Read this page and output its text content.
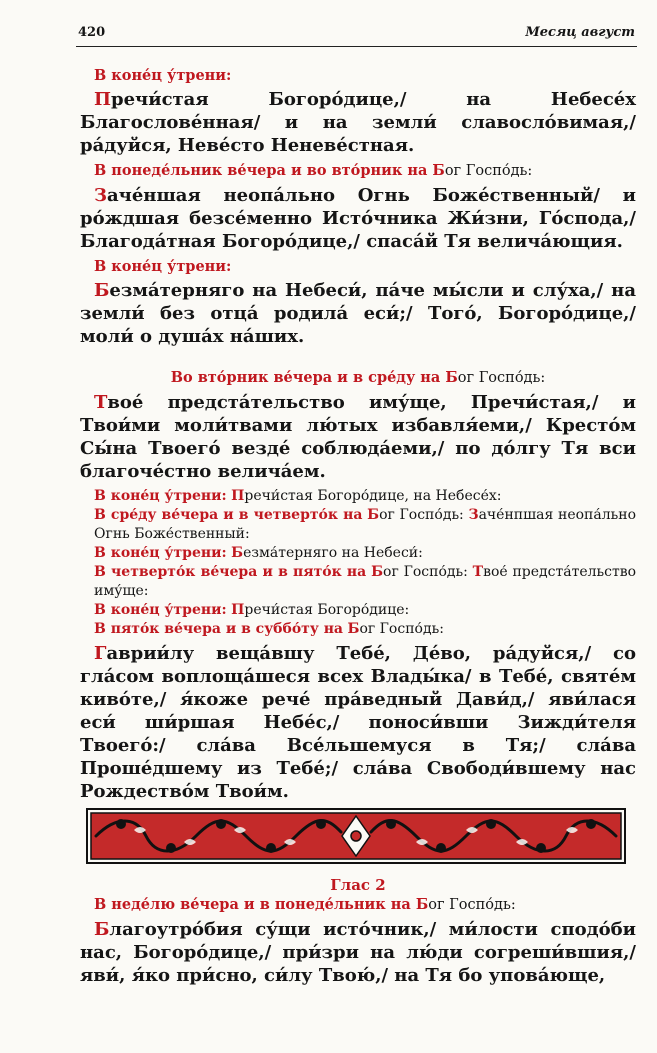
420	Месяц август

В коне́ц у́трени:

Пречи́стая Богоро́дице,/ на Небесе́х Благослове́нная/ и на земли́ славосло́вимая,/ ра́дуйся, Неве́сто Неневе́стная.

В понеде́льник ве́чера и во вто́рник на Бог Госпо́дь:

Заче́ншая неопа́льно Огнь Боже́ственный/ и ро́ждшая безсе́менно Исто́чника Жи́зни, Го́спода,/ Благода́тная Богоро́дице,/ спаса́й Тя велича́ющия.

В коне́ц у́трени:

Безма́терняго на Небеси́, па́че мы́сли и слу́ха,/ на земли́ без отца́ родила́ еси́;/ Того́, Богоро́дице,/ моли́ о душа́х на́ших.

Во вто́рник ве́чера и в сре́ду на Бог Госпо́дь:

Твое́ предста́тельство иму́ще, Пречи́стая,/ и Твои́ми моли́твами лю́тых избавля́еми,/ Кресто́м Сы́на Твоего́ везде́ соблюда́еми,/ по до́лгу Тя вси благочéстно велича́ем.

В коне́ц у́трени: Пречи́стая Богоро́дице, на Небесе́х:

В сре́ду ве́чера и в четверто́к на Бог Госпо́дь: Заче́нпшая неопа́льно Огнь Боже́ственный:

В коне́ц у́трени: Безма́терняго на Небеси́:

В четверто́к ве́чера и в пято́к на Бог Госпо́дь: Твое́ предста́тельство иму́ще:

В коне́ц у́трени: Пречи́стая Богоро́дице:

В пято́к ве́чера и в суббо́ту на Бог Госпо́дь:

Гаврии́лу веща́вшу Тебе́, Де́во, ра́дуйся,/ со гла́сом воплоща́шеся всех Влады́ка/ в Тебе́, святе́м киво́те,/ я́коже рече́ пра́ведный Дави́д,/ яви́лася еси́ ши́ршая Небе́с,/ поноси́вши Зижди́теля Твоего́:/ сла́ва Все́льшемуся в Тя;/ сла́ва Проше́дшему из Тебе́;/ сла́ва Свободи́вшему нас Рождество́м Твои́м.

Глас 2

В неде́лю ве́чера и в понеде́льник на Бог Госпо́дь:

Благоутро́бия су́щи исто́чник,/ ми́лости сподо́би нас, Богоро́дице,/ при́зри на лю́ди согреши́вшия,/ яви́, я́ко при́сно, си́лу Твою́,/ на Тя бо упова́юще,
